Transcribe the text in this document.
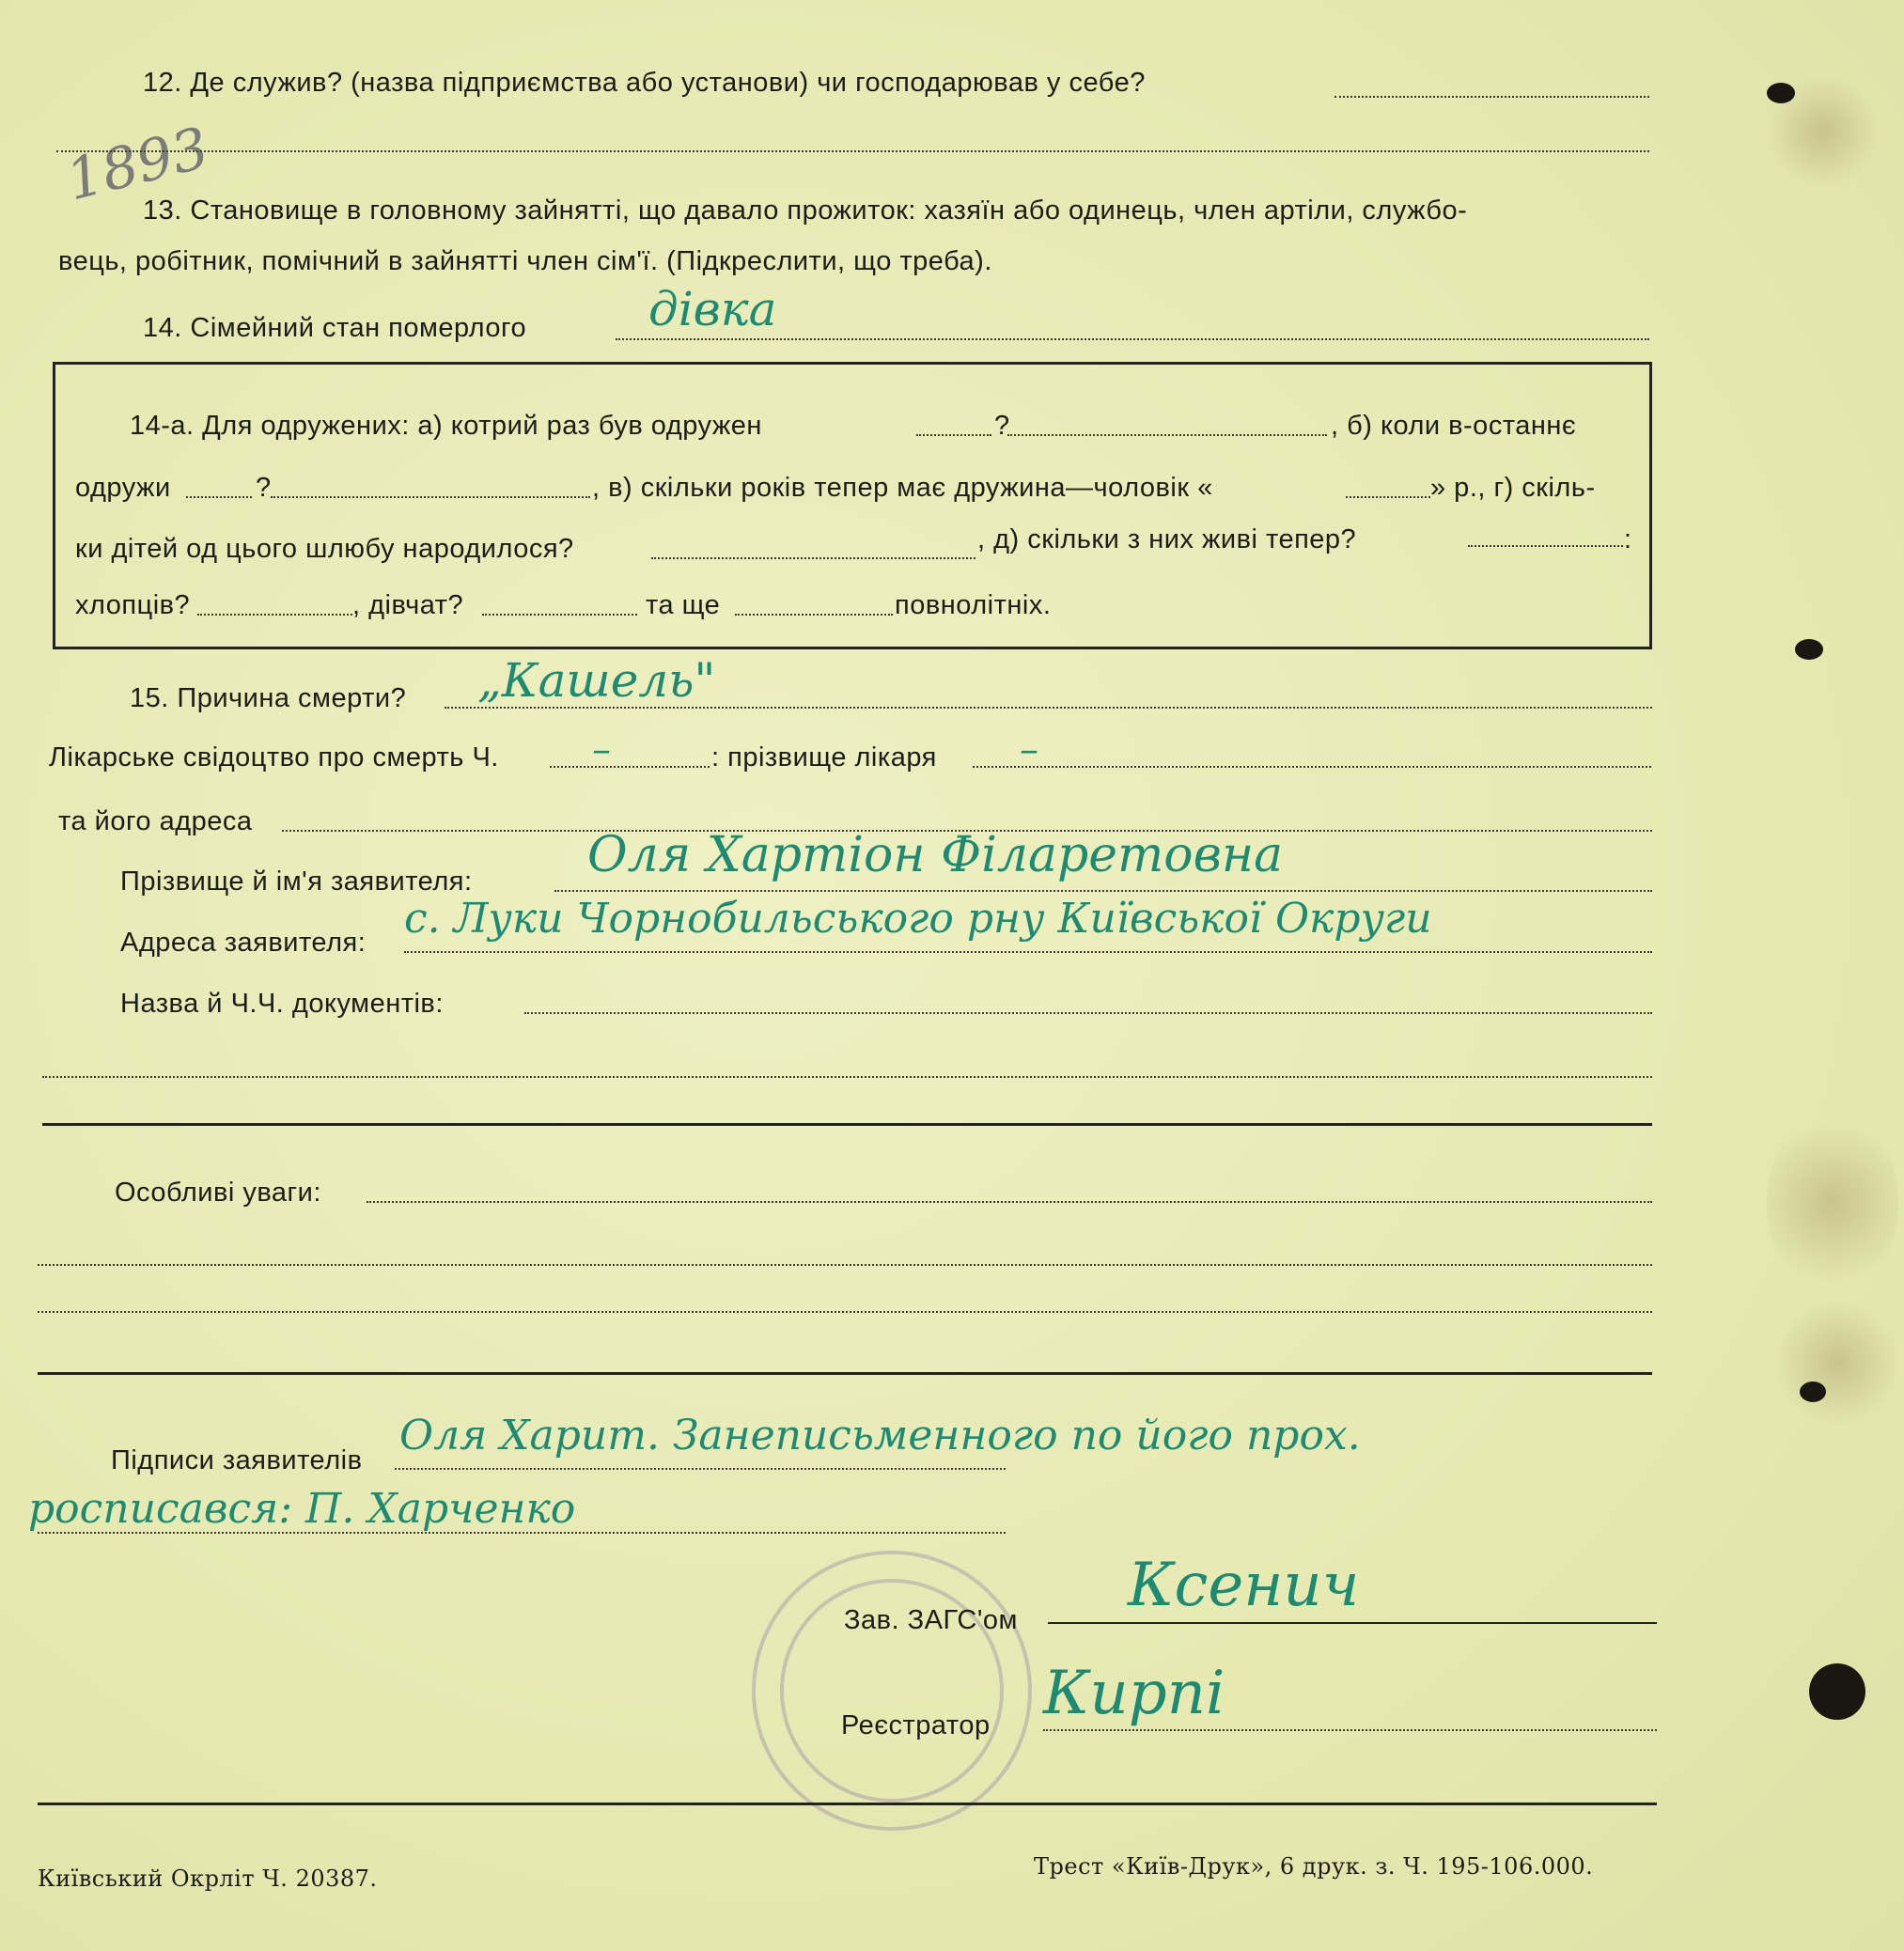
1893
12. Де служив? (назва підприємства або установи) чи господарював у себе?
13. Становище в головному зайнятті, що давало прожиток: хазяїн або одинець, член артіли, службо-
вець, робітник, помічний в зайнятті член сім'ї. (Підкреслити, що треба).
14. Сімейний стан померлого	дівка
14-а. Для одружених: а) котрий раз був одружен	?	, б) коли в-останнє
одружи	?	, в) скільки років тепер має дружина—чоловік «	» р., г) скіль-
ки дітей од цього шлюбу народилося?	, д) скільки з них живі тепер?	:
хлопців?	, дівчат?	та ще	повнолітніх.
15. Причина смерти? „Кашель"
Лікарське свідоцтво про смерть Ч. –	: прізвище лікаря –
та його адреса
Прізвище й ім'я заявителя: Оля Хартіон Філаретовна
Адреса заявителя: с. Луки Чорнобильського рну Київської Округи
Назва й Ч.Ч. документів:
Особливі уваги:
Підписи заявителів
Оля Харит. Занеписьменного по його прох.
росписався: П. Харченко
Зав. ЗАГС'ом Ксенич
Реєстратор Кирпі
Київський Окрліт Ч. 20387.	Трест «Київ-Друк», 6 друк. з. Ч. 195-106.000.
